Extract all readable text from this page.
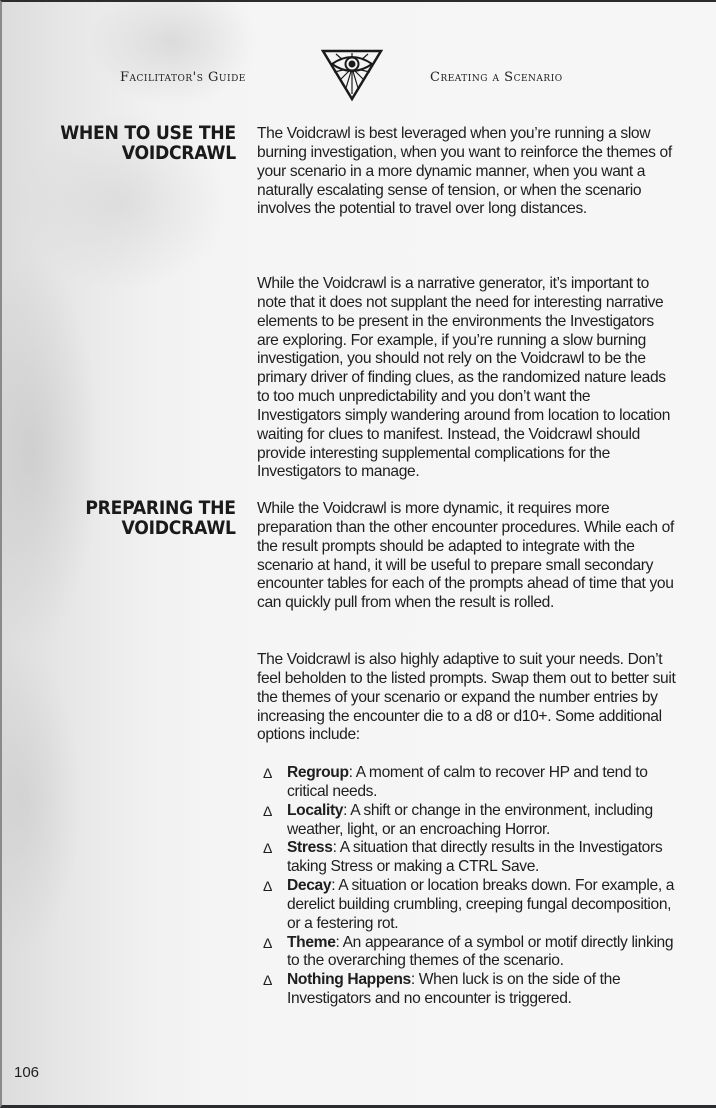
Facilitator's Guide	Creating a Scenario
WHEN TO USE THE
VOIDCRAWL

The Voidcrawl is best leveraged when you’re running a slow burning investigation, when you want to reinforce the themes of your scenario in a more dynamic manner, when you want a naturally escalating sense of tension, or when the scenario involves the potential to travel over long distances.

While the Voidcrawl is a narrative generator, it’s important to note that it does not supplant the need for interesting narrative elements to be present in the environments the Investigators are exploring. For example, if you’re running a slow burning investigation, you should not rely on the Voidcrawl to be the primary driver of finding clues, as the randomized nature leads to too much unpredictability and you don’t want the Investigators simply wandering around from location to location waiting for clues to manifest. Instead, the Voidcrawl should provide interesting supplemental complications for the Investigators to manage.

PREPARING THE
VOIDCRAWL

While the Voidcrawl is more dynamic, it requires more preparation than the other encounter procedures. While each of the result prompts should be adapted to integrate with the scenario at hand, it will be useful to prepare small secondary encounter tables for each of the prompts ahead of time that you can quickly pull from when the result is rolled.

The Voidcrawl is also highly adaptive to suit your needs. Don’t feel beholden to the listed prompts. Swap them out to better suit the themes of your scenario or expand the number entries by increasing the encounter die to a d8 or d10+. Some additional options include:

Δ Regroup: A moment of calm to recover HP and tend to critical needs.
Δ Locality: A shift or change in the environment, including weather, light, or an encroaching Horror.
Δ Stress: A situation that directly results in the Investigators taking Stress or making a CTRL Save.
Δ Decay: A situation or location breaks down. For example, a derelict building crumbling, creeping fungal decomposition, or a festering rot.
Δ Theme: An appearance of a symbol or motif directly linking to the overarching themes of the scenario.
Δ Nothing Happens: When luck is on the side of the Investigators and no encounter is triggered.
106
